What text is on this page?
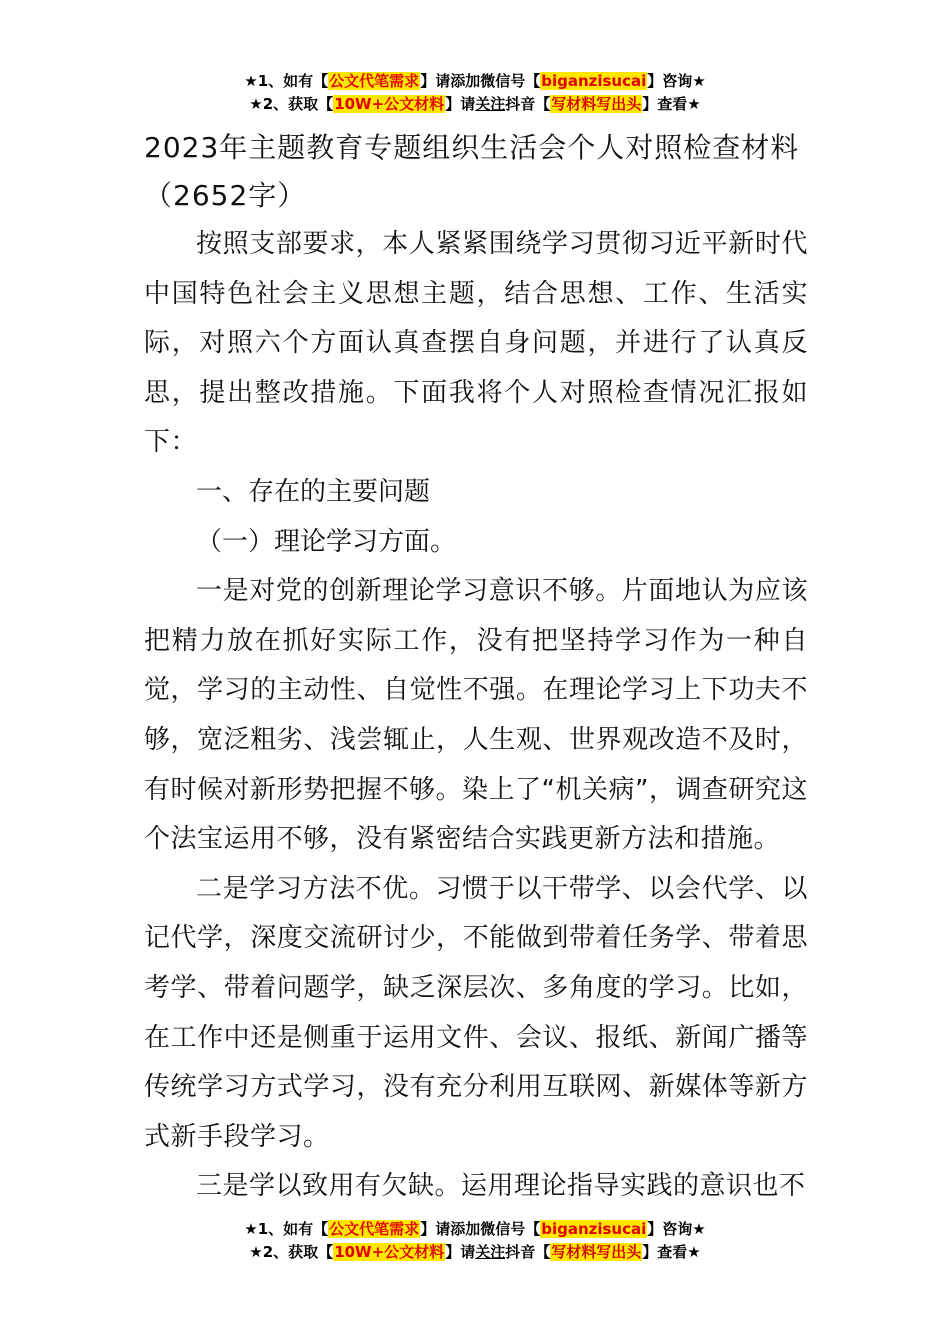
★1、如有【公文代笔需求】请添加微信号【biganzisucai】咨询★
★2、获取【10W+公文材料】请关注抖音【写材料写出头】查看★

2023年主题教育专题组织生活会个人对照检查材料（2652字）

按照支部要求，本人紧紧围绕学习贯彻习近平新时代中国特色社会主义思想主题，结合思想、工作、生活实际，对照六个方面认真查摆自身问题，并进行了认真反思，提出整改措施。下面我将个人对照检查情况汇报如下：

一、存在的主要问题

（一）理论学习方面。

一是对党的创新理论学习意识不够。片面地认为应该把精力放在抓好实际工作，没有把坚持学习作为一种自觉，学习的主动性、自觉性不强。在理论学习上下功夫不够，宽泛粗劣、浅尝辄止，人生观、世界观改造不及时，有时候对新形势把握不够。染上了“机关病”，调查研究这个法宝运用不够，没有紧密结合实践更新方法和措施。

二是学习方法不优。习惯于以干带学、以会代学、以记代学，深度交流研讨少，不能做到带着任务学、带着思考学、带着问题学，缺乏深层次、多角度的学习。比如，在工作中还是侧重于运用文件、会议、报纸、新闻广播等传统学习方式学习，没有充分利用互联网、新媒体等新方式新手段学习。

三是学以致用有欠缺。运用理论指导实践的意识也不

★1、如有【公文代笔需求】请添加微信号【biganzisucai】咨询★
★2、获取【10W+公文材料】请关注抖音【写材料写出头】查看★
